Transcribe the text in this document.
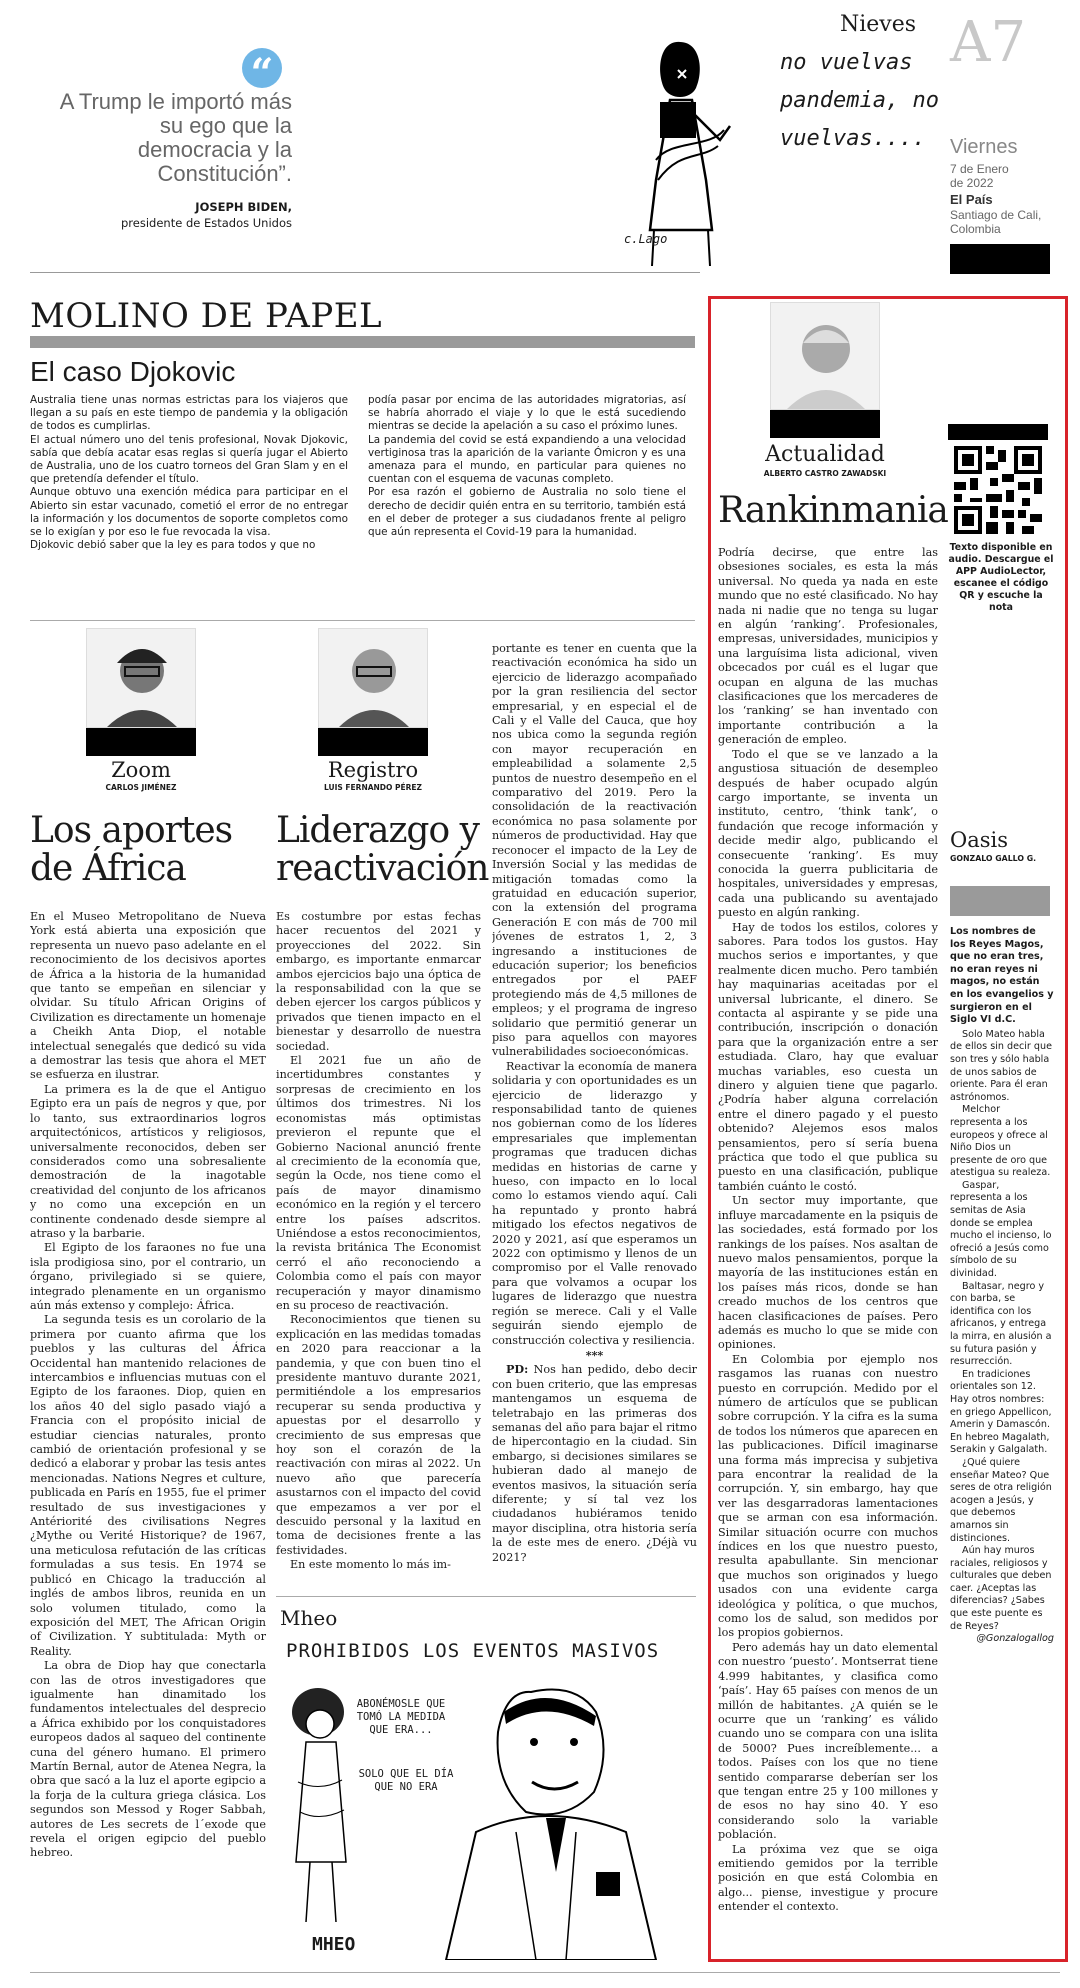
“
A Trump le importó más su ego que la democracia y la Constitución”.
JOSEPH BIDEN,
presidente de Estados Unidos
Nieves
no vuelvas pandemia, no vuelvas....
c.Lago
A7
Viernes
7 de Enero de 2022
El País
Santiago de Cali, Colombia
MOLINO DE PAPEL
El caso Djokovic

Australia tiene unas normas estrictas para los viajeros que llegan a su país en este tiempo de pandemia y la obligación de todos es cumplirlas.

El actual número uno del tenis profesional, Novak Djokovic, sabía que debía acatar esas reglas si quería jugar el Abierto de Australia, uno de los cuatro torneos del Gran Slam y en el que pretendía defender el título.

Aunque obtuvo una exención médica para participar en el Abierto sin estar vacunado, cometió el error de no entregar la información y los documentos de soporte completos como se lo exigían y por eso le fue revocada la visa.

Djokovic debió saber que la ley es para todos y que no

podía pasar por encima de las autoridades migratorias, así se habría ahorrado el viaje y lo que le está sucediendo mientras se decide la apelación a su caso el próximo lunes.

La pandemia del covid se está expandiendo a una velocidad vertiginosa tras la aparición de la variante Ómicron y es una amenaza para el mundo, en particular para quienes no cuentan con el esquema de vacunas completo.

Por esa razón el gobierno de Australia no solo tiene el derecho de decidir quién entra en su territorio, también está en el deber de proteger a sus ciudadanos frente al peligro que aún representa el Covid-19 para la humanidad.

Zoom
CARLOS JIMÉNEZ
Los aportes de África

En el Museo Metropolitano de Nueva York está abierta una exposición que representa un nuevo paso adelante en el reconocimiento de los decisivos aportes de África a la historia de la humanidad que tanto se empeñan en silenciar y olvidar. Su título African Origins of Civilization es directamente un homenaje a Cheikh Anta Diop, el notable intelectual senegalés que dedicó su vida a demostrar las tesis que ahora el MET se esfuerza en ilustrar.

La primera es la de que el Antiguo Egipto era un país de negros y que, por lo tanto, sus extraordinarios logros arquitectónicos, artísticos y religiosos, universalmente reconocidos, deben ser considerados como una sobresaliente demostración de la inagotable creatividad del conjunto de los africanos y no como una excepción en un continente condenado desde siempre al atraso y la barbarie.

El Egipto de los faraones no fue una isla prodigiosa sino, por el contrario, un órgano, privilegiado si se quiere, integrado plenamente en un organismo aún más extenso y complejo: África.

La segunda tesis es un corolario de la primera por cuanto afirma que los pueblos y las culturas del África Occidental han mantenido relaciones de intercambios e influencias mutuas con el Egipto de los faraones. Diop, quien en los años 40 del siglo pasado viajó a Francia con el propósito inicial de estudiar ciencias naturales, pronto cambió de orientación profesional y se dedicó a elaborar y probar las tesis antes mencionadas. Nations Negres et culture, publicada en París en 1955, fue el primer resultado de sus investigaciones y Antériorité des civilisations Negres ¿Mythe ou Verité Historique? de 1967, una meticulosa refutación de las críticas formuladas a sus tesis. En 1974 se publicó en Chicago la traducción al inglés de ambos libros, reunida en un solo volumen titulado, como la exposición del MET, The African Origin of Civilization. Y subtitulada: Myth or Reality.

La obra de Diop hay que conectarla con las de otros investigadores que igualmente han dinamitado los fundamentos intelectuales del desprecio a África exhibido por los conquistadores europeos dados al saqueo del continente cuna del género humano. El primero Martín Bernal, autor de Atenea Negra, la obra que sacó a la luz el aporte egipcio a la forja de la cultura griega clásica. Los segundos son Messod y Roger Sabbah, autores de Les secrets de l´exode que revela el origen egipcio del pueblo hebreo.

Registro
LUIS FERNANDO PÉREZ
Liderazgo y reactivación

Es costumbre por estas fechas hacer recuentos del 2021 y proyecciones del 2022. Sin embargo, es importante enmarcar ambos ejercicios bajo una óptica de la responsabilidad con la que se deben ejercer los cargos públicos y privados que tienen impacto en el bienestar y desarrollo de nuestra sociedad.

El 2021 fue un año de incertidumbres constantes y sorpresas de crecimiento en los últimos dos trimestres. Ni los economistas más optimistas previeron el repunte que el Gobierno Nacional anunció frente al crecimiento de la economía que, según la Ocde, nos tiene como el país de mayor dinamismo económico en la región y el tercero entre los países adscritos. Uniéndose a estos reconocimientos, la revista británica The Economist cerró el año reconociendo a Colombia como el país con mayor recuperación y mayor dinamismo en su proceso de reactivación.

Reconocimientos que tienen su explicación en las medidas tomadas en 2020 para reaccionar a la pandemia, y que con buen tino el presidente mantuvo durante 2021, permitiéndole a los empresarios recuperar su senda productiva y apuestas por el desarrollo y crecimiento de sus empresas que hoy son el corazón de la reactivación con miras al 2022. Un nuevo año que parecería asustarnos con el impacto del covid que empezamos a ver por el descuido personal y la laxitud en toma de decisiones frente a las festividades.

En este momento lo más im-

portante es tener en cuenta que la reactivación económica ha sido un ejercicio de liderazgo acompañado por la gran resiliencia del sector empresarial, y en especial el de Cali y el Valle del Cauca, que hoy nos ubica como la segunda región con mayor recuperación en empleabilidad a solamente 2,5 puntos de nuestro desempeño en el comparativo del 2019. Pero la consolidación de la reactivación económica no pasa solamente por números de productividad. Hay que reconocer el impacto de la Ley de Inversión Social y las medidas de mitigación tomadas como la gratuidad en educación superior, con la extensión del programa Generación E con más de 700 mil jóvenes de estratos 1, 2, 3 ingresando a instituciones de educación superior; los beneficios entregados por el PAEF protegiendo más de 4,5 millones de empleos; y el programa de ingreso solidario que permitió generar un piso para aquellos con mayores vulnerabilidades socioeconómicas.

Reactivar la economía de manera solidaria y con oportunidades es un ejercicio de liderazgo y responsabilidad tanto de quienes nos gobiernan como de los líderes empresariales que implementan programas que traducen dichas medidas en historias de carne y hueso, con impacto en lo local como lo estamos viendo aquí. Cali ha repuntado y pronto habrá mitigado los efectos negativos de 2020 y 2021, así que esperamos un 2022 con optimismo y llenos de un compromiso por el Valle renovado para que volvamos a ocupar los lugares de liderazgo que nuestra región se merece. Cali y el Valle seguirán siendo ejemplo de construcción colectiva y resiliencia.

***

PD: Nos han pedido, debo decir con buen criterio, que las empresas mantengamos un esquema de teletrabajo en las primeras dos semanas del año para bajar el ritmo de hipercontagio en la ciudad. Sin embargo, si decisiones similares se hubieran dado al manejo de eventos masivos, la situación sería diferente; y sí tal vez los ciudadanos hubiéramos tenido mayor disciplina, otra historia sería la de este mes de enero. ¿Déjà vu 2021?

Mheo
PROHIBIDOS LOS EVENTOS MASIVOS
ABONÉMOSLE QUE TOMÓ LA MEDIDA QUE ERA...
SOLO QUE EL DÍA QUE NO ERA
MHEO
Actualidad
ALBERTO CASTRO ZAWADSKI
Rankinmania

Podría decirse, que entre las obsesiones sociales, es esta la más universal. No queda ya nada en este mundo que no esté clasificado. No hay nada ni nadie que no tenga su lugar en algún ‘ranking’. Profesionales, empresas, universidades, municipios y una larguísima lista adicional, viven obcecados por cuál es el lugar que ocupan en alguna de las muchas clasificaciones que los mercaderes de los ‘ranking’ se han inventado con importante contribución a la generación de empleo.

Todo el que se ve lanzado a la angustiosa situación de desempleo después de haber ocupado algún cargo importante, se inventa un instituto, centro, ‘think tank’, o fundación que recoge información y decide medir algo, publicando el consecuente ‘ranking’. Es muy conocida la guerra publicitaria de hospitales, universidades y empresas, cada una publicando su aventajado puesto en algún ranking.

Hay de todos los estilos, colores y sabores. Para todos los gustos. Hay muchos serios e importantes, y que realmente dicen mucho. Pero también hay maquinarias aceitadas por el universal lubricante, el dinero. Se contacta al aspirante y se pide una contribución, inscripción o donación para que la organización entre a ser estudiada. Claro, hay que evaluar muchas variables, eso cuesta un dinero y alguien tiene que pagarlo. ¿Podría haber alguna correlación entre el dinero pagado y el puesto obtenido? Alejemos esos malos pensamientos, pero sí sería buena práctica que todo el que publica su puesto en una clasificación, publique también cuánto le costó.

Un sector muy importante, que influye marcadamente en la psiquis de las sociedades, está formado por los rankings de los países. Nos asaltan de nuevo malos pensamientos, porque la mayoría de las instituciones están en los países más ricos, donde se han creado muchos de los centros que hacen clasificaciones de países. Pero además es mucho lo que se mide con opiniones.

En Colombia por ejemplo nos rasgamos las ruanas con nuestro puesto en corrupción. Medido por el número de artículos que se publican sobre corrupción. Y la cifra es la suma de todos los números que aparecen en las publicaciones. Difícil imaginarse una forma más imprecisa y subjetiva para encontrar la realidad de la corrupción. Y, sin embargo, hay que ver las desgarradoras lamentaciones que se arman con esa información. Similar situación ocurre con muchos índices en los que nuestro puesto, resulta apabullante. Sin mencionar que muchos son originados y luego usados con una evidente carga ideológica y política, o que muchos, como los de salud, son medidos por los propios gobiernos.

Pero además hay un dato elemental con nuestro ‘puesto’. Montserrat tiene 4.999 habitantes, y clasifica como ‘país’. Hay 65 países con menos de un millón de habitantes. ¿A quién se le ocurre que un ‘ranking’ es válido cuando uno se compara con una islita de 5000? Pues increíblemente... a todos. Países con los que no tiene sentido compararse deberían ser los que tengan entre 25 y 100 millones y de esos no hay sino 40. Y eso considerando solo la variable población.

La próxima vez que se oiga emitiendo gemidos por la terrible posición en que está Colombia en algo... piense, investigue y procure entender el contexto.

Texto disponible en audio. Descargue el APP AudioLector, escanee el código QR y escuche la nota
Oasis
GONZALO GALLO G.

Los nombres de los Reyes Magos, que no eran tres, no eran reyes ni magos, no están en los evangelios y surgieron en el Siglo VI d.C.

Solo Mateo habla de ellos sin decir que son tres y sólo habla de unos sabios de oriente. Para él eran astrónomos.

Melchor representa a los europeos y ofrece al Niño Dios un presente de oro que atestigua su realeza.

Gaspar, representa a los semitas de Asia donde se emplea mucho el incienso, lo ofreció a Jesús como símbolo de su divinidad.

Baltasar, negro y con barba, se identifica con los africanos, y entrega la mirra, en alusión a su futura pasión y resurrección.

En tradiciones orientales son 12. Hay otros nombres: en griego Appellicon, Amerin y Damascón. En hebreo Magalath, Serakin y Galgalath.

¿Qué quiere enseñar Mateo? Que seres de otra religión acogen a Jesús, y que debemos amarnos sin distinciones.

Aún hay muros raciales, religiosos y culturales que deben caer. ¿Aceptas las diferencias? ¿Sabes que este puente es de Reyes?

@Gonzalogallog
